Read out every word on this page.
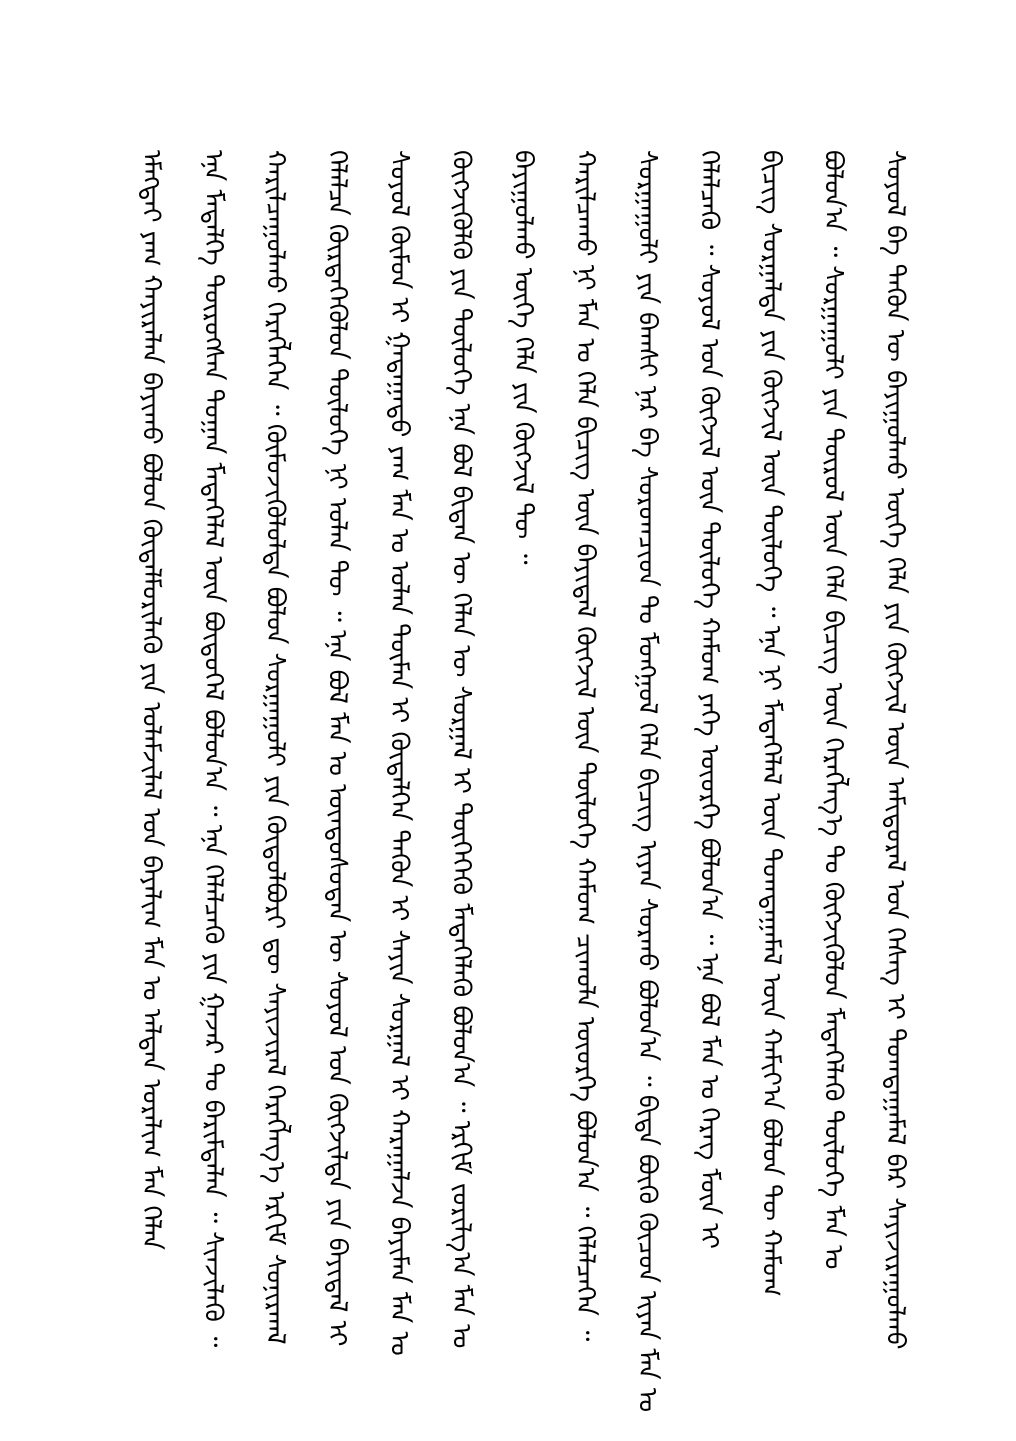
ᠡᠮᠡᠭᠲᠡᠶ ᠶᠠᠭ ᠬᠠᠶᠢᠷᠠᠯᠠᠨ ᠪᠠᠶᠢᠬᠤ ᠪᠣᠯᠣᠨ ᠬᠥᠳᠡᠯᠮᠦᠷᠢᠯᠡᠬᠦ ᠶᠢᠨ ᠤᠯᠠᠮᠵᠢᠯᠠᠯ ᠤᠨ ᠪᠠᠶᠠᠯᠢᠭ ᠮᠠᠨ ᠤ ᠠᠯᠲᠠᠨ ᠤᠷᠠᠯᠢᠭ ᠮᠠᠨ ᠬᠡᠯᠡᠨ	ᠡᠨᠡ ᠮᠡᠳᠡᠯᠭᠡ ᠲᠥᠷᠥᠭᠰᠡᠨ ᠲᠣᠭᠠᠨ ᠮᠡᠳᠡᠭᠡᠯᠡᠯ ᠦᠨ ᠪᠦᠲᠦᠭᠡᠯ ᠪᠣᠯᠤᠨ᠎ᠠ ᠃ ᠡᠨᠡ ᠬᠡᠯᠡᠯᠴᠡᠬᠦ ᠶᠢᠨ ᠭᠠᠵᠠᠷ ᠲᠤ ᠪᠠᠷᠢᠮᠲᠠᠯᠠᠨ ᠃ ᠰᠢᠨᠵᠢᠯᠡᠬᠦ ᠃	ᠬᠠᠷᠢᠯᠴᠠᠭᠤᠯᠬᠤ ᠬᠡᠷᠡᠭᠯᠡᠭᠡᠨ ᠃ ᠬᠥᠮᠦᠵᠢᠭᠦᠯᠦᠯᠲᠡ ᠪᠣᠯᠣᠨ ᠰᠤᠷᠭᠠᠭᠤᠯᠢ ᠶᠢᠨ ᠬᠥᠲᠥᠯᠪᠦᠷᠢ ᠳᠦ ᠰᠠᠶᠢᠵᠢᠷᠠᠯ ᠬᠡᠷᠡᠭᠯᠡᠭ᠎ᠡ ᠡᠷᠬᠢᠮ ᠰᠣᠨᠢᠷᠬᠠᠯ	ᠬᠡᠯᠡᠯᠴᠡ ᠬᠦᠷᠲᠡᠭᠡᠭᠦᠯᠦᠨ ᠲᠥᠯᠥᠭᠡ ᠨᠢ ᠣᠯᠠᠨ ᠲᠦ ᠃ ᠡᠨᠡ ᠪᠣᠯ ᠮᠠᠨ ᠤ ᠦᠨᠳᠦᠰᠦᠲᠡᠨ ᠦ ᠰᠣᠶᠣᠯ ᠤᠨ ᠬᠥᠭᠵᠢᠯᠲᠡ ᠶᠢᠨ ᠪᠠᠶᠢᠳᠠᠯ ᠢ	ᠰᠣᠶᠣᠯ ᠬᠦᠮᠦᠨ ᠢ ᠭᠠᠳᠠᠭᠠᠳᠤ ᠶᠠᠭ ᠮᠠᠨ ᠤ ᠣᠯᠠᠨ ᠲᠥᠮᠡᠨ ᠢ ᠬᠥᠳᠡᠯᠭᠡᠨ ᠲᠡᠭᠦᠨ ᠢ ᠰᠠᠶᠢᠨ ᠰᠤᠷᠭᠠᠯ ᠢ ᠬᠠᠷᠠᠭᠠᠯᠵᠠ ᠪᠠᠶᠢᠮᠠᠨ ᠮᠠᠨ ᠤ	ᠬᠥᠭᠵᠢᠭᠦᠯᠬᠦ ᠶᠢᠨ ᠲᠥᠯᠥᠭᠡ ᠡᠨᠡ ᠪᠣᠯ ᠪᠢᠳᠡᠨ ᠦ ᠬᠡᠯᠡᠨ ᠦ ᠰᠤᠷᠭᠠᠯ ᠢ ᠲᠦᠭᠡᠭᠡᠬᠦ ᠮᠡᠳᠡᠭᠡᠯᠡᠬᠦ ᠪᠣᠯᠤᠨ᠎ᠠ ᠃ ᠡᠷᠬᠢᠮ ᠵᠣᠷᠢᠯᠭ᠎ᠠ ᠮᠠᠨ ᠤ	ᠪᠠᠶᠢᠭᠤᠯᠬᠤ ᠦᠭᠡ ᠬᠡᠯᠡ ᠶᠢᠨ ᠬᠥᠭᠵᠢᠯ ᠲᠦ ᠃	ᠬᠠᠷᠢᠯᠴᠠᠬᠤ ᠨᠢ ᠮᠠᠨ ᠤ ᠬᠡᠯᠡ ᠪᠢᠴᠢᠭ ᠦᠨ ᠪᠠᠶᠢᠳᠠᠯ ᠬᠥᠭᠵᠢᠯ ᠦᠨ ᠲᠥᠯᠥᠭᠡ ᠬᠠᠮᠤᠭ ᠴᠢᠬᠤᠯᠠ ᠦᠦᠷᠭᠡ ᠪᠣᠯᠤᠨ᠎ᠠ ᠃ ᠬᠡᠯᠡᠯᠴᠡᠭᠡᠨ ᠃	ᠰᠤᠷᠭᠠᠭᠤᠯᠢ ᠶᠢᠨ ᠪᠠᠭᠰᠢ ᠨᠠᠷ ᠪᠠ ᠰᠤᠷᠤᠭᠴᠢᠳ ᠲᠤ ᠮᠣᠩᠭᠣᠯ ᠬᠡᠯᠡ ᠪᠢᠴᠢᠭ ᠢᠶᠡᠨ ᠰᠤᠷᠬᠤ ᠪᠣᠯᠤᠨ᠎ᠠ ᠃ ᠪᠢᠳᠡ ᠪᠦᠬᠦ ᠬᠦᠴᠦᠨ ᠢᠶᠡᠨ ᠮᠠᠨ ᠤ	ᠬᠡᠯᠡᠯᠴᠡᠬᠦ ᠃ ᠰᠣᠶᠣᠯ ᠤᠨ ᠬᠥᠭᠵᠢᠯ ᠦᠨ ᠲᠥᠯᠥᠭᠡ ᠬᠠᠮᠤᠭ ᠶᠡᠬᠡ ᠦᠦᠷᠭᠡ ᠪᠣᠯᠤᠨ᠎ᠠ ᠃ ᠡᠨᠡ ᠪᠣᠯ ᠮᠠᠨ ᠤ ᠬᠡᠷᠡᠭ ᠮᠥᠨ ᠢ	ᠪᠢᠴᠢᠭ ᠰᠤᠷᠭᠠᠯᠲᠠ ᠶᠢᠨ ᠬᠥᠭᠵᠢᠯ ᠦᠨ ᠲᠥᠯᠥᠭᠡ ᠃ ᠡᠨᠡ ᠨᠢ ᠮᠡᠳᠡᠭᠡᠯᠡᠯ ᠦᠨ ᠲᠣᠭᠲᠠᠭᠠᠮᠠᠯ ᠦᠨ ᠬᠠᠮᠢᠶ᠎ᠠ ᠪᠣᠯᠤᠨ ᠲᠦ ᠬᠠᠮᠤᠭ	ᠪᠣᠯᠤᠨ᠎ᠠ ᠃ ᠰᠤᠷᠭᠠᠭᠤᠯᠢ ᠶᠢᠨ ᠲᠥᠷᠥᠯ ᠦᠨ ᠬᠡᠯᠡ ᠪᠢᠴᠢᠭ ᠦᠨ ᠬᠡᠷᠡᠭᠯᠡᠭ᠎ᠡ ᠲᠤ ᠬᠥᠭᠵᠢᠭᠦᠯᠦᠨ ᠮᠡᠳᠡᠭᠡᠯᠡᠬᠦ ᠲᠥᠯᠥᠭᠡ ᠮᠠᠨ ᠤ	ᠰᠣᠶᠣᠯ ᠪᠠ ᠲᠡᠭᠦᠨ ᠦ ᠪᠠᠶᠢᠭᠤᠯᠬᠤ ᠦᠭᠡ ᠬᠡᠯᠡ ᠶᠢᠨ ᠬᠥᠭᠵᠢᠯ ᠦᠨ ᠠᠮᠢᠳᠤᠷᠠᠯ ᠤᠨ ᠬᠡᠰᠡᠭ ᠢ ᠲᠣᠭᠲᠠᠭᠠᠮᠠᠯ ᠪᠠᠷ ᠰᠠᠶᠢᠵᠢᠷᠠᠭᠤᠯᠬᠤ
